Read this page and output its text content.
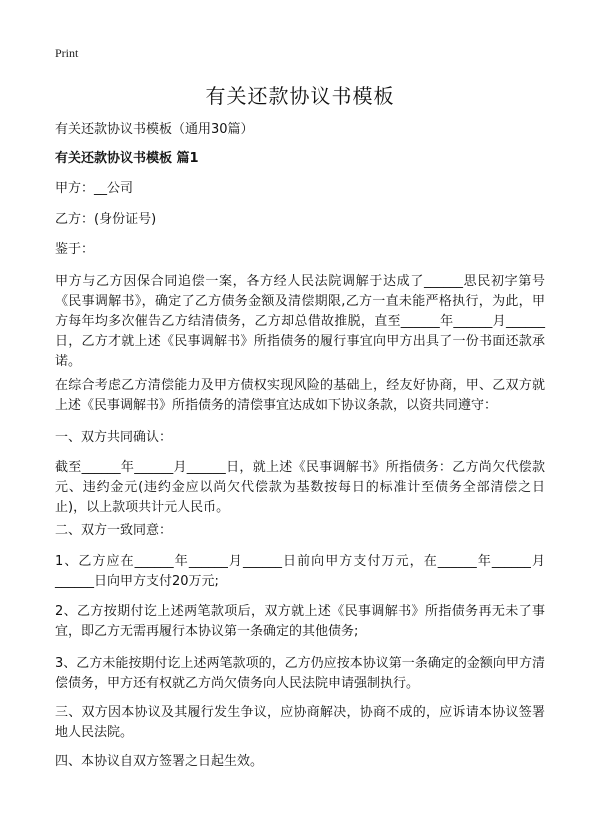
Print
有关还款协议书模板
有关还款协议书模板（通用30篇）
有关还款协议书模板 篇1
甲方：__公司
乙方：(身份证号)
鉴于：
甲方与乙方因保合同追偿一案，各方经人民法院调解于达成了______思民初字第号《民事调解书》，确定了乙方债务金额及清偿期限,乙方一直未能严格执行，为此，甲方每年均多次催告乙方结清债务，乙方却总借故推脱，直至______年______月______日，乙方才就上述《民事调解书》所指债务的履行事宜向甲方出具了一份书面还款承诺。
在综合考虑乙方清偿能力及甲方债权实现风险的基础上，经友好协商，甲、乙双方就上述《民事调解书》所指债务的清偿事宜达成如下协议条款，以资共同遵守：
一、双方共同确认：
截至______年______月______日，就上述《民事调解书》所指债务：乙方尚欠代偿款元、违约金元(违约金应以尚欠代偿款为基数按每日的标准计至债务全部清偿之日止)，以上款项共计元人民币。
二、双方一致同意：
1、乙方应在______年______月______日前向甲方支付万元，在______年______月______日向甲方支付20万元;
2、乙方按期付讫上述两笔款项后，双方就上述《民事调解书》所指债务再无未了事宜，即乙方无需再履行本协议第一条确定的其他债务;
3、乙方未能按期付讫上述两笔款项的，乙方仍应按本协议第一条确定的金额向甲方清偿债务，甲方还有权就乙方尚欠债务向人民法院申请强制执行。
三、双方因本协议及其履行发生争议，应协商解决，协商不成的，应诉请本协议签署地人民法院。
四、本协议自双方签署之日起生效。
